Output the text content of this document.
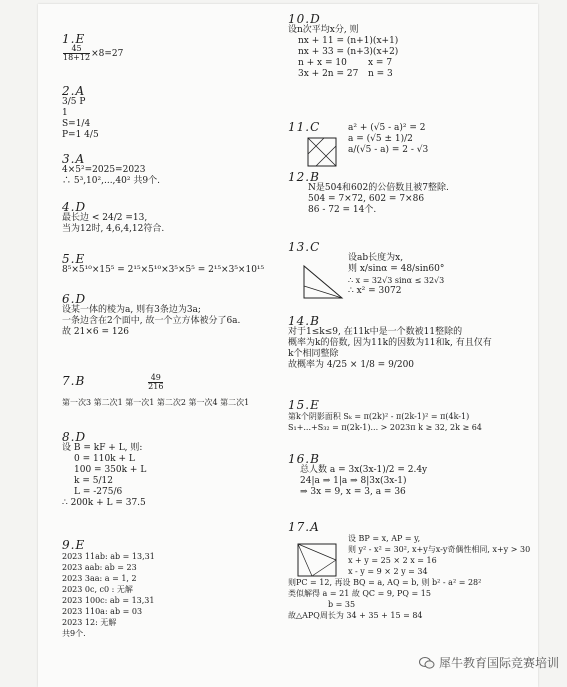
1.E
$\frac{45}{18+12} \times 8=27$
2.A
3/5 P
1
S=1/4
P=1 4/5
3.A
4×5²=2025=2023
∴ 5³,10²,...,40² 共9个.
4.D
最长边 < 24/2 =13,
当为12时, 4,6,4,12符合.
5.E
8⁵×5¹⁰×15⁵ = 2¹⁵×5¹⁰×3⁵×5⁵ = 2¹⁵×3⁵×10¹⁵
6.D
设某一体的棱为a, 则有3条边为3a;
一条边含在2个面中, 故一个立方体被分了6a.
故 21×6 = 126
7.B	$\frac{49}{216}$
第一次3 第二次1 第一次1 第二次2 第一次4 第二次1
8.D
设 B = kF + L, 则:
0 = 110k + L
100 = 350k + L
k = 5/12
L = -275/6
∴ 200k + L = 37.5
9.E
2023 11ab: ab = 13,31
2023 aab: ab = 23
2023 3aa: a = 1, 2
2023 0c, c0 : 无解
2023 100c: ab = 13,31
2023 110a: ab = 03
2023 12: 无解
共9个.
10.D
设n次平均x分, 则
nx + 11 = (n+1)(x+1)
nx + 33 = (n+3)(x+2)
n + x = 10
3x + 2n = 27
x = 7
n = 3
11.C	a² + (√5 - a)² = 2
a = (√5 ± 1)/2
a/(√5 - a) = 2 - √3
12.B
N是504和602的公倍数且被7整除.
504 = 7×72, 602 = 7×86
86 - 72 = 14个.
13.C
设ab长度为x,
则 x/sinα = 48/sin60°
∴ x = 32√3 sinα ≤ 32√3
∴ x² = 3072
14.B
对于1≤k≤9, 在11k中是一个数被11整除的
概率为k的倍数, 因为11k的因数为11和k, 有且仅有
k个相同整除
故概率为 4/25 × 1/8 = 9/200
15.E
第k个阴影面积 Sₖ = π(2k)² - π(2k-1)² = π(4k-1)
S₁+...+S₃₂ = π(2k-1)... > 2023π k ≥ 32, 2k ≥ 64
16.B
总人数 a = 3x(3x-1)/2 = 2.4y
24|a ⇒ 1|a ⇒ 8|3x(3x-1)
⇒ 3x = 9, x = 3, a = 36
17.A
设 BP = x, AP = y,
则 y² - x² = 30², x+y与x-y奇偶性相同, x+y > 30
x + y = 25 × 2 x = 16
x - y = 9 × 2 y = 34
则PC = 12, 再设 BQ = a, AQ = b, 则 b² - a² = 28²
类似解得 a = 21 故 QC = 9, PQ = 15
b = 35
故△APQ周长为 34 + 35 + 15 = 84
犀牛教育国际竞赛培训
